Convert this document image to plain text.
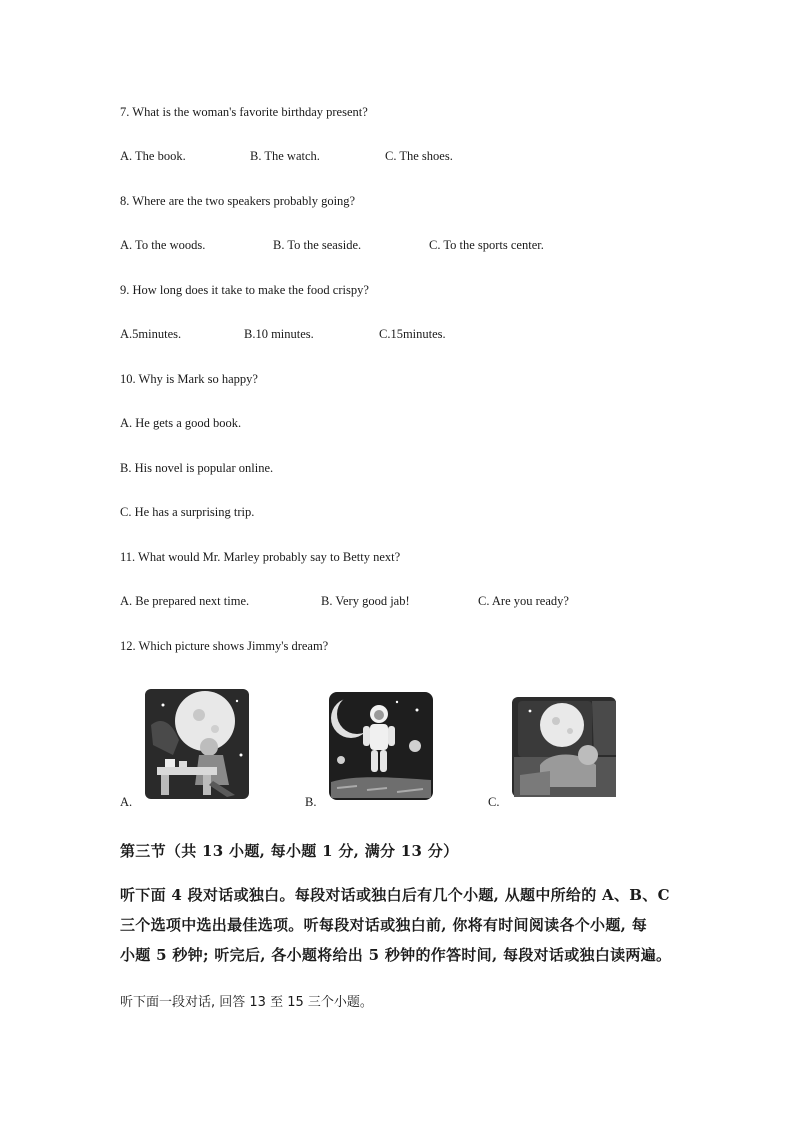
7. What is the woman's favorite birthday present?
A. The book.	B. The watch.	C. The shoes.
8. Where are the two speakers probably going?
A. To the woods.	B. To the seaside.	C. To the sports center.
9. How long does it take to make the food crispy?
A.5minutes.	B.10 minutes.	C.15minutes.
10. Why is Mark so happy?
A. He gets a good book.
B. His novel is popular online.
C. He has a surprising trip.
11. What would Mr. Marley probably say to Betty next?
A. Be prepared next time.	B. Very good jab!	C. Are you ready?
12. Which picture shows Jimmy's dream?
A.	B.	C.
第三节（共 13 小题, 每小题 1 分, 满分 13 分）
听下面 4 段对话或独白。每段对话或独白后有几个小题, 从题中所给的 A、B、C
三个选项中选出最佳选项。听每段对话或独白前, 你将有时间阅读各个小题, 每
小题 5 秒钟; 听完后, 各小题将给出 5 秒钟的作答时间, 每段对话或独白读两遍。
听下面一段对话, 回答 13 至 15 三个小题。
